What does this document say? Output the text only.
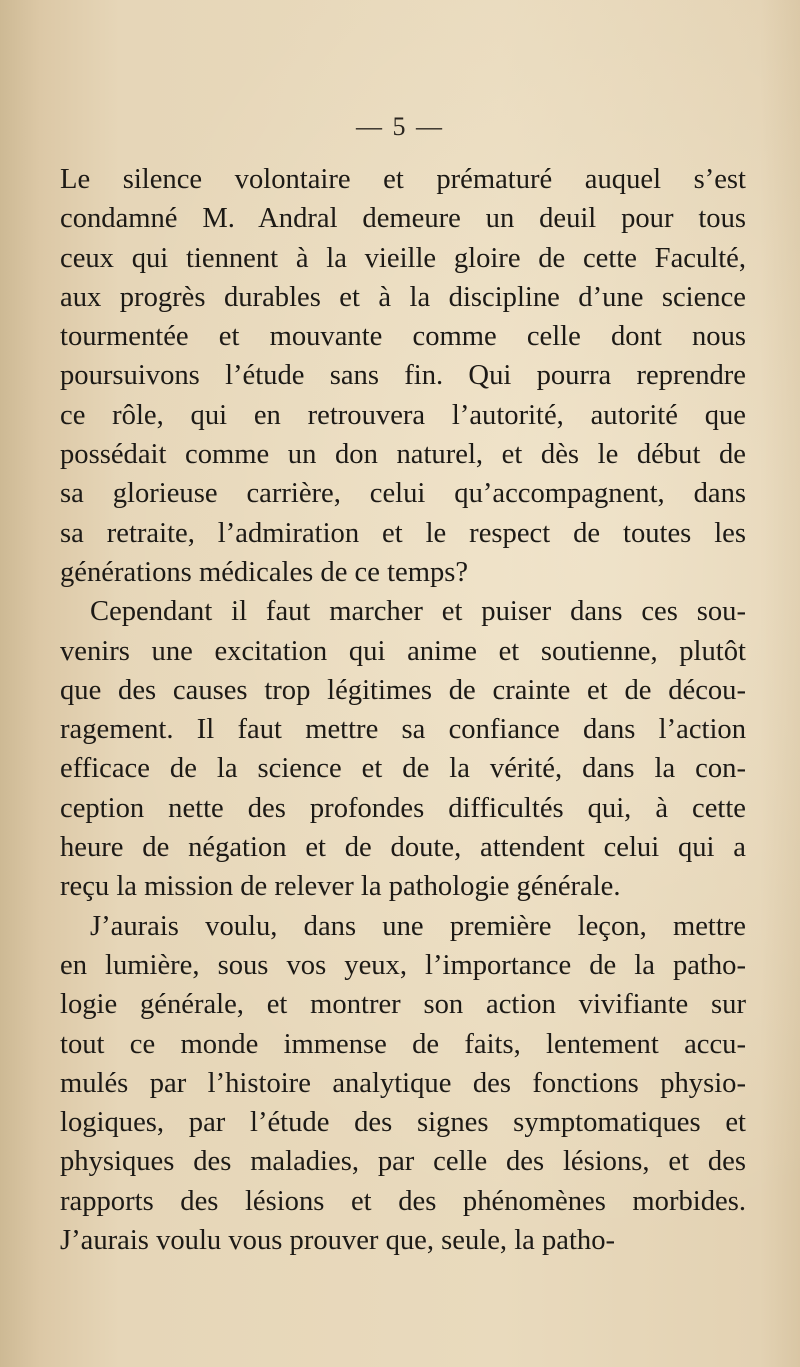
— 5 —

Le silence volontaire et prématuré auquel s’est
condamné M. Andral demeure un deuil pour tous
ceux qui tiennent à la vieille gloire de cette Faculté,
aux progrès durables et à la discipline d’une science
tourmentée et mouvante comme celle dont nous
poursuivons l’étude sans fin. Qui pourra reprendre
ce rôle, qui en retrouvera l’autorité, autorité que
possédait comme un don naturel, et dès le début de
sa glorieuse carrière, celui qu’accompagnent, dans
sa retraite, l’admiration et le respect de toutes les
générations médicales de ce temps?

Cependant il faut marcher et puiser dans ces sou-
venirs une excitation qui anime et soutienne, plutôt
que des causes trop légitimes de crainte et de décou-
ragement. Il faut mettre sa confiance dans l’action
efficace de la science et de la vérité, dans la con-
ception nette des profondes difficultés qui, à cette
heure de négation et de doute, attendent celui qui a
reçu la mission de relever la pathologie générale.

J’aurais voulu, dans une première leçon, mettre
en lumière, sous vos yeux, l’importance de la patho-
logie générale, et montrer son action vivifiante sur
tout ce monde immense de faits, lentement accu-
mulés par l’histoire analytique des fonctions physio-
logiques, par l’étude des signes symptomatiques et
physiques des maladies, par celle des lésions, et des
rapports des lésions et des phénomènes morbides.
J’aurais voulu vous prouver que, seule, la patho-
